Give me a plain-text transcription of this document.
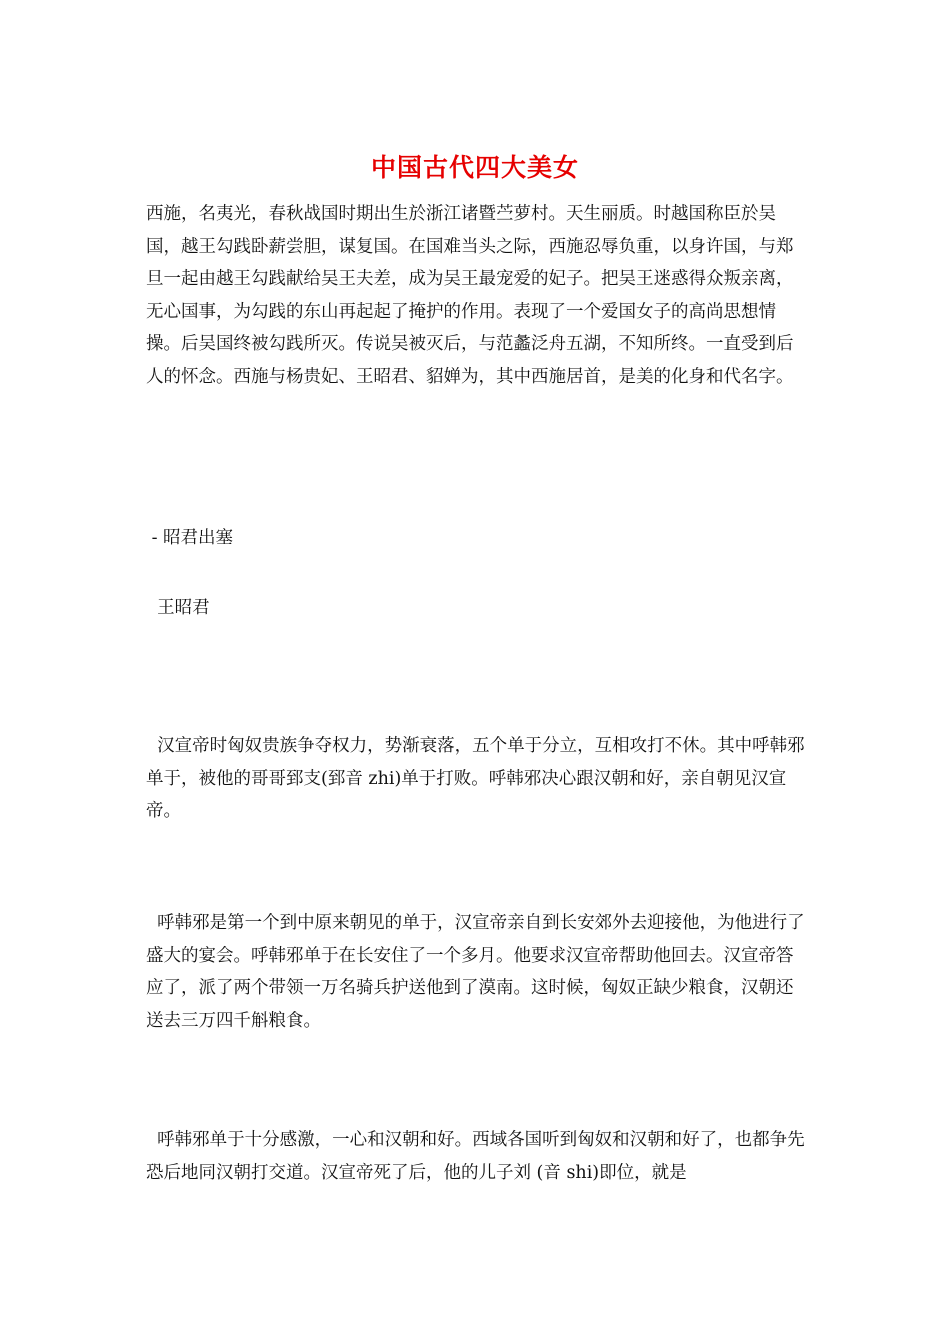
中国古代四大美女

西施，名夷光，春秋战国时期出生於浙江诸暨苎萝村。天生丽质。时越国称臣於吴国，越王勾践卧薪尝胆，谋复国。在国难当头之际，西施忍辱负重，以身许国，与郑旦一起由越王勾践献给吴王夫差，成为吴王最宠爱的妃子。把吴王迷惑得众叛亲离，无心国事，为勾践的东山再起起了掩护的作用。表现了一个爱国女子的高尚思想情操。后吴国终被勾践所灭。传说吴被灭后，与范蠡泛舟五湖，不知所终。一直受到后人的怀念。西施与杨贵妃、王昭君、貂婵为，其中西施居首，是美的化身和代名字。

- 昭君出塞

王昭君

汉宣帝时匈奴贵族争夺权力，势渐衰落，五个单于分立，互相攻打不休。其中呼韩邪单于，被他的哥哥郅支(郅音 zhi)单于打败。呼韩邪决心跟汉朝和好，亲自朝见汉宣帝。

呼韩邪是第一个到中原来朝见的单于，汉宣帝亲自到长安郊外去迎接他，为他进行了盛大的宴会。呼韩邪单于在长安住了一个多月。他要求汉宣帝帮助他回去。汉宣帝答应了，派了两个带领一万名骑兵护送他到了漠南。这时候，匈奴正缺少粮食，汉朝还送去三万四千斛粮食。

呼韩邪单于十分感激，一心和汉朝和好。西域各国听到匈奴和汉朝和好了，也都争先恐后地同汉朝打交道。汉宣帝死了后，他的儿子刘 (音 shi)即位，就是
